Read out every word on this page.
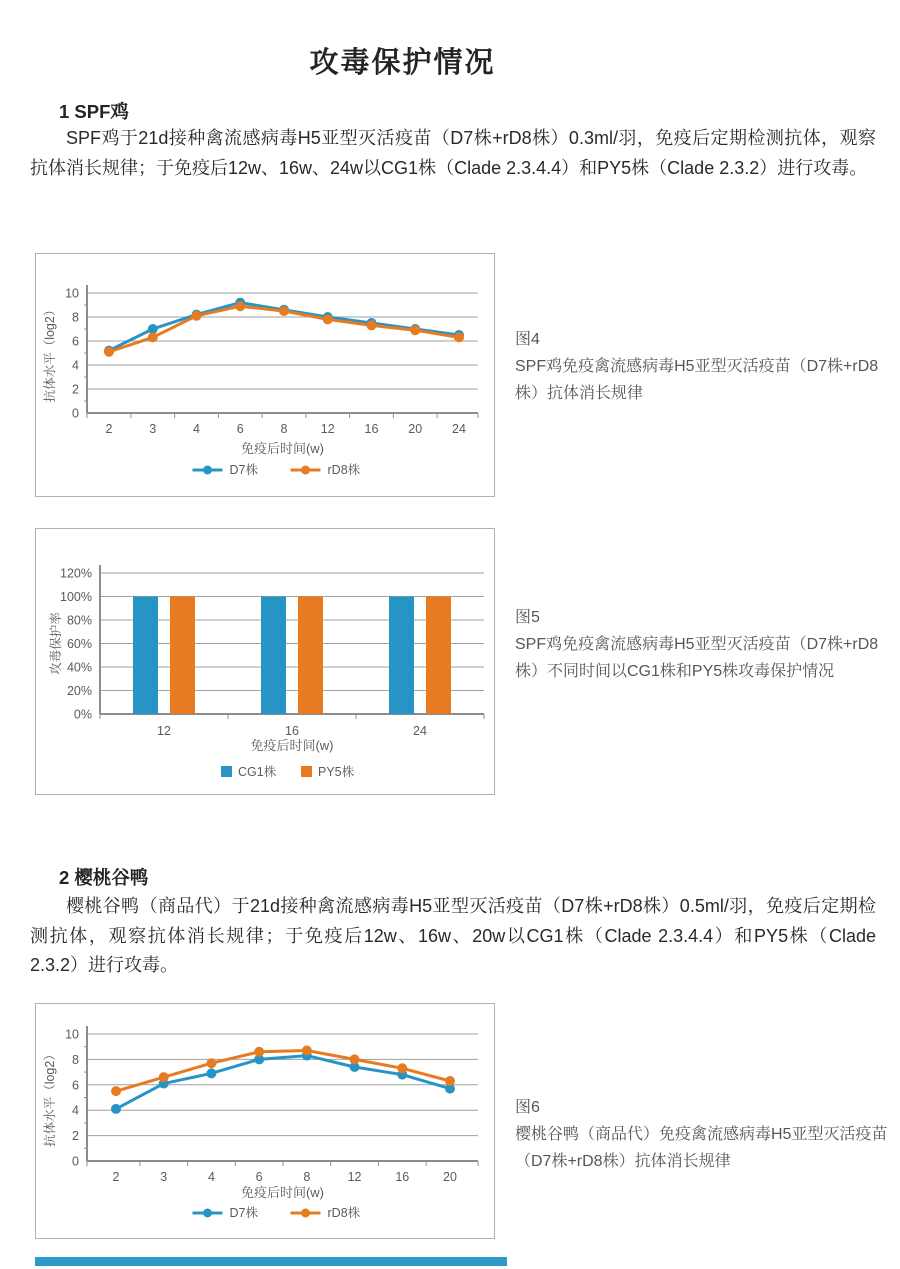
攻毒保护情况
1 SPF鸡

SPF鸡于21d接种禽流感病毒H5亚型灭活疫苗（D7株+rD8株）0.3ml/羽，免疫后定期检测抗体，观察抗体消长规律；于免疫后12w、16w、24w以CG1株（Clade 2.3.4.4）和PY5株（Clade 2.3.2）进行攻毒。

0
2
4
6
8
10
抗体水平（log2）
免疫后时间(w)
2	3	4	6	8	12 16 20 24
D7株	rD8株
图4
SPF鸡免疫禽流感病毒H5亚型灭活疫苗（D7株+rD8株）抗体消长规律
0%
20%
40%
60%
80%
100%
120%
攻毒保护率
免疫后时间(w)
12	16	24
CG1株	PY5株
图5
SPF鸡免疫禽流感病毒H5亚型灭活疫苗（D7株+rD8株）不同时间以CG1株和PY5株攻毒保护情况
2 樱桃谷鸭

樱桃谷鸭（商品代）于21d接种禽流感病毒H5亚型灭活疫苗（D7株+rD8株）0.5ml/羽，免疫后定期检测抗体，观察抗体消长规律；于免疫后12w、16w、20w以CG1株（Clade 2.3.4.4）和PY5株（Clade 2.3.2）进行攻毒。

0
2
4
6
8
10
抗体水平（log2）
免疫后时间(w)
2	3	4	6	8	12	16	20
D7株	rD8株
图6
樱桃谷鸭（商品代）免疫禽流感病毒H5亚型灭活疫苗（D7株+rD8株）抗体消长规律
